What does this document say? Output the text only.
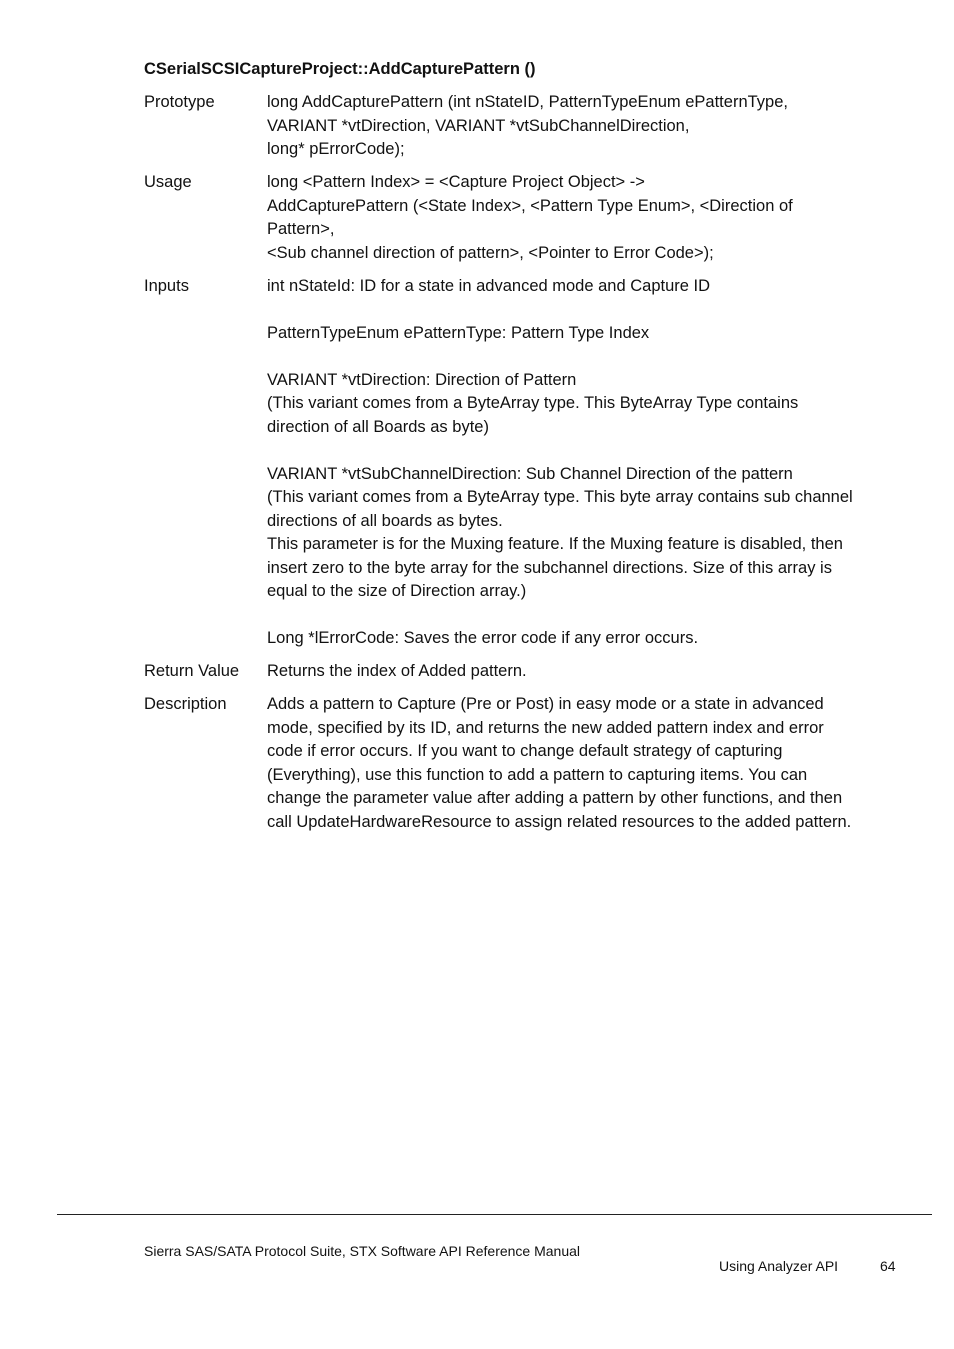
CSerialSCSICaptureProject::AddCapturePattern ()
Prototype	long AddCapturePattern (int nStateID, PatternTypeEnum ePatternType,
VARIANT *vtDirection, VARIANT *vtSubChannelDirection,
long* pErrorCode);
Usage	long <Pattern Index> = <Capture Project Object> ->
AddCapturePattern (<State Index>, <Pattern Type Enum>, <Direction of
Pattern>,
<Sub channel direction of pattern>, <Pointer to Error Code>);
Inputs	int nStateId: ID for a state in advanced mode and Capture ID
PatternTypeEnum ePatternType: Pattern Type Index
VARIANT *vtDirection: Direction of Pattern
(This variant comes from a ByteArray type. This ByteArray Type contains
direction of all Boards as byte)
VARIANT *vtSubChannelDirection: Sub Channel Direction of the pattern
(This variant comes from a ByteArray type. This byte array contains sub channel
directions of all boards as bytes.
This parameter is for the Muxing feature. If the Muxing feature is disabled, then
insert zero to the byte array for the subchannel directions. Size of this array is
equal to the size of Direction array.)
Long *lErrorCode: Saves the error code if any error occurs.
Return Value	Returns the index of Added pattern.
Description	Adds a pattern to Capture (Pre or Post) in easy mode or a state in advanced
mode, specified by its ID, and returns the new added pattern index and error
code if error occurs. If you want to change default strategy of capturing
(Everything), use this function to add a pattern to capturing items. You can
change the parameter value after adding a pattern by other functions, and then
call UpdateHardwareResource to assign related resources to the added pattern.
Sierra SAS/SATA Protocol Suite, STX Software API Reference Manual
Using Analyzer API	64
